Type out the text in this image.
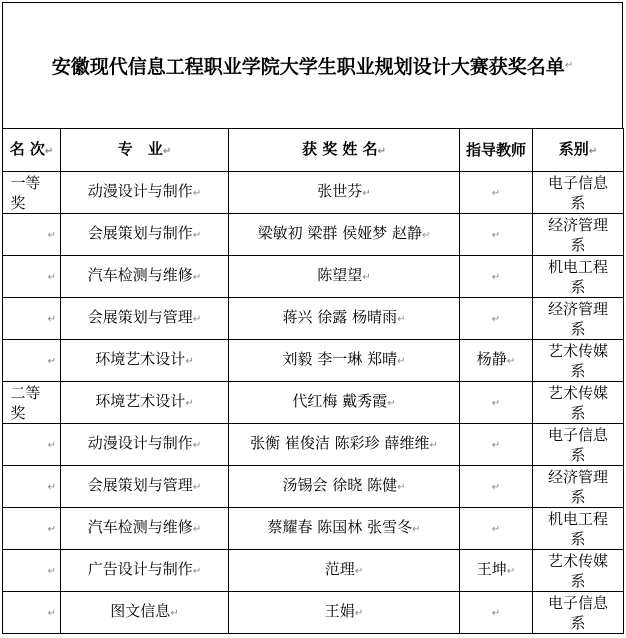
安徽现代信息工程职业学院大学生职业规划设计大赛获奖名单 ↵
名 次↵	专　业↵	获 奖 姓 名↵	指导教师	系别↵
一等奖	动漫设计与制作↵	张世芬↵	↵	电子信息系
↵	会展策划与制作↵	梁敏初 梁群 侯娅梦 赵静↵	↵	经济管理系
↵	汽车检测与维修↵	陈望望↵	↵	机电工程系
↵	会展策划与管理↵	蒋兴 徐露 杨晴雨↵	↵	经济管理系
↵	环境艺术设计↵	刘毅 李一琳 郑晴↵	杨静↵	艺术传媒系
二等奖	环境艺术设计↵	代红梅 戴秀霞↵	↵	艺术传媒系
↵	动漫设计与制作↵	张衡 崔俊洁 陈彩珍 薛维维↵	↵	电子信息系
↵	会展策划与管理↵	汤锡会 徐晓 陈健↵	↵	经济管理系
↵	汽车检测与维修↵	蔡耀春 陈国林 张雪冬↵	↵	机电工程系
↵	广告设计与制作↵	范理↵	王坤↵	艺术传媒系
↵	图文信息↵	王娟↵	↵	电子信息系
